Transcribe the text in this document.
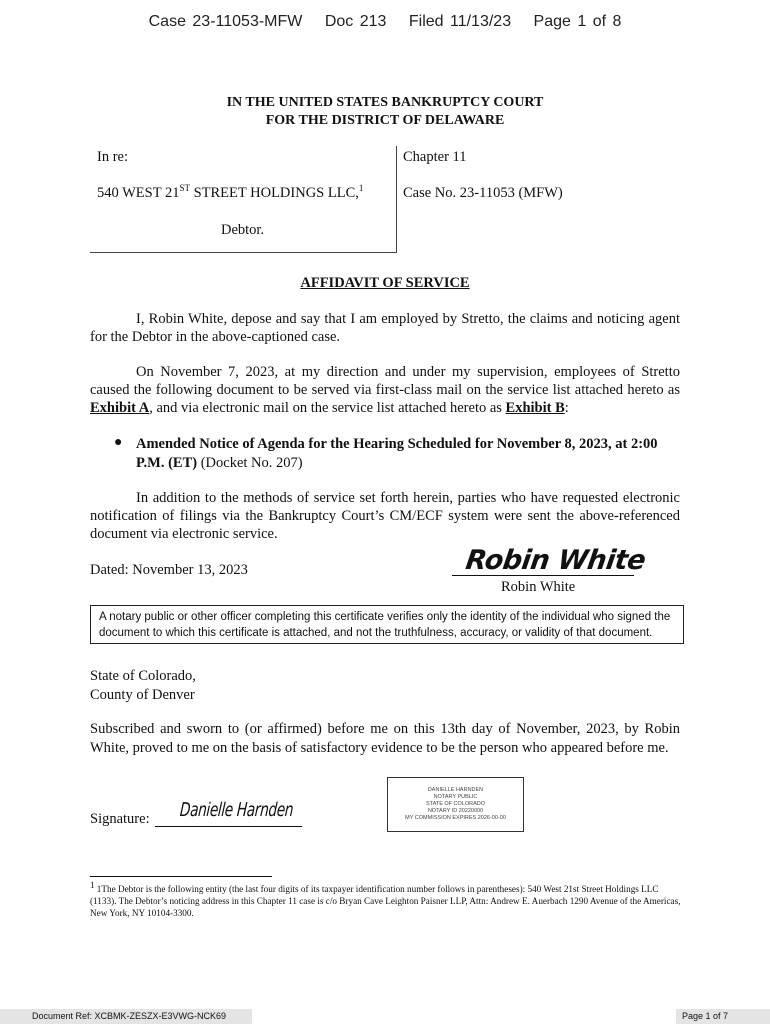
Case 23-11053-MFW Doc 213 Filed 11/13/23 Page 1 of 8
IN THE UNITED STATES BANKRUPTCY COURT
FOR THE DISTRICT OF DELAWARE
In re:
540 WEST 21ST STREET HOLDINGS LLC,$^1$
Debtor.
Chapter 11
Case No. 23-11053 (MFW)
AFFIDAVIT OF SERVICE
I, Robin White, depose and say that I am employed by Stretto, the claims and noticing agent for the Debtor in the above-captioned case.
On November 7, 2023, at my direction and under my supervision, employees of Stretto caused the following document to be served via first-class mail on the service list attached hereto as Exhibit A, and via electronic mail on the service list attached hereto as Exhibit B:
● Amended Notice of Agenda for the Hearing Scheduled for November 8, 2023, at 2:00 P.M. (ET) (Docket No. 207)
In addition to the methods of service set forth herein, parties who have requested electronic notification of filings via the Bankruptcy Court’s CM/ECF system were sent the above-referenced document via electronic service.
Dated: November 13, 2023	Robin White
Robin White
A notary public or other officer completing this certificate verifies only the identity of the individual who signed the document to which this certificate is attached, and not the truthfulness, accuracy, or validity of that document.
State of Colorado,
County of Denver
Subscribed and sworn to (or affirmed) before me on this 13th day of November, 2023, by Robin White, proved to me on the basis of satisfactory evidence to be the person who appeared before me.
Signature: Danielle Harnden
DANIELLE HARNDEN
NOTARY PUBLIC
STATE OF COLORADO
NOTARY ID 20220000
MY COMMISSION EXPIRES 2026-00-00
$^1$ 1The Debtor is the following entity (the last four digits of its taxpayer identification number follows in parentheses): 540 West 21st Street Holdings LLC (1133). The Debtor’s noticing address in this Chapter 11 case is c/o Bryan Cave Leighton Paisner LLP, Attn: Andrew E. Auerbach 1290 Avenue of the Americas, New York, NY 10104-3300.
Document Ref: XCBMK-ZESZX-E3VWG-NCK69	Page 1 of 7
